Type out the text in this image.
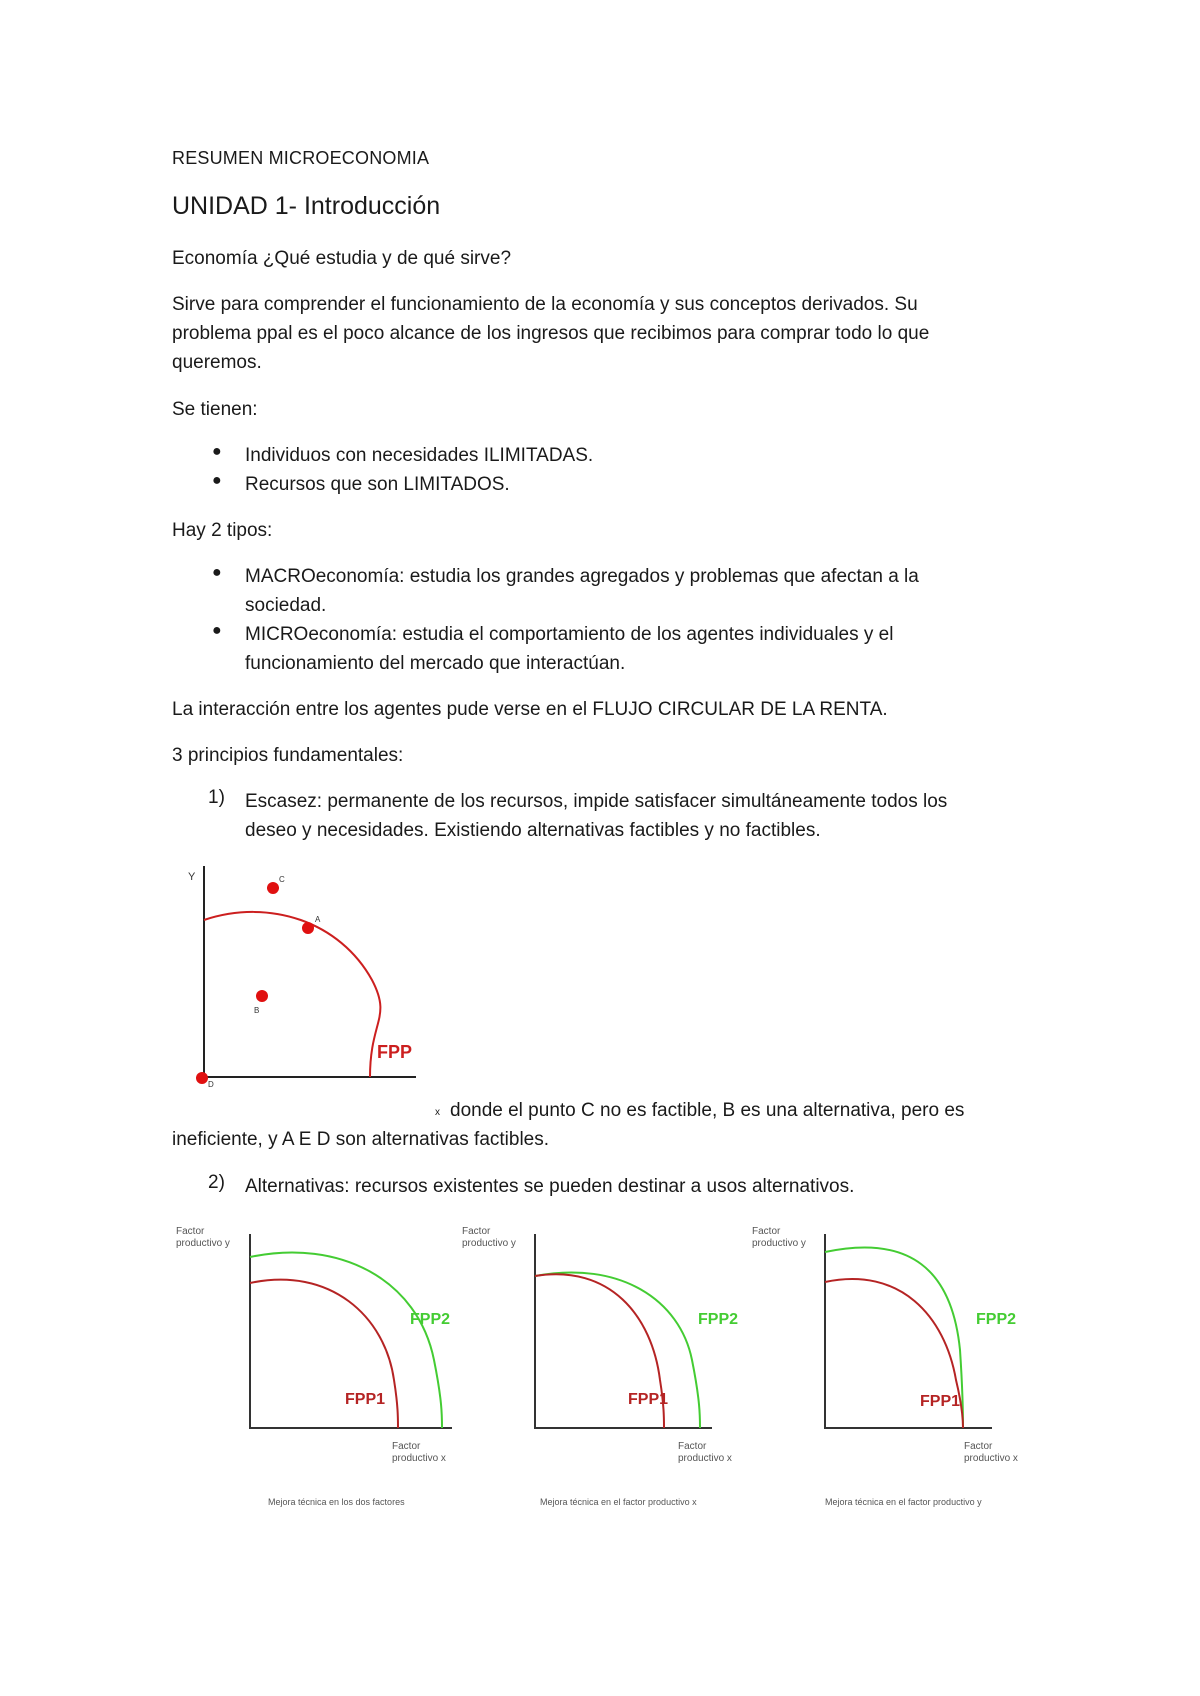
RESUMEN MICROECONOMIA
UNIDAD 1- Introducción
Economía ¿Qué estudia y de qué sirve?
Sirve para comprender el funcionamiento de la economía y sus conceptos derivados. Su
problema ppal es el poco alcance de los ingresos que recibimos para comprar todo lo que
queremos.
Se tienen:
● Individuos con necesidades ILIMITADAS.
● Recursos que son LIMITADOS.
Hay 2 tipos:
● MACROeconomía: estudia los grandes agregados y problemas que afectan a la
sociedad.
● MICROeconomía: estudia el comportamiento de los agentes individuales y el
funcionamiento del mercado que interactúan.
La interacción entre los agentes pude verse en el FLUJO CIRCULAR DE LA RENTA.
3 principios fundamentales:
1) Escasez: permanente de los recursos, impide satisfacer simultáneamente todos los
deseo y necesidades. Existiendo alternativas factibles y no factibles.
Y	C
A
B
D
FPP
x donde el punto C no es factible, B es una alternativa, pero es
ineficiente, y A E D son alternativas factibles.
2) Alternativas: recursos existentes se pueden destinar a usos alternativos.
Factor
productivo y
FPP2
FPP1
Factor
productivo x
Mejora técnica en los dos factores
Factor
productivo y
FPP2
FPP1
Factor
productivo x
Mejora técnica en el factor productivo x
Factor
productivo y
FPP2
FPP1
Factor
productivo x
Mejora técnica en el factor productivo y
